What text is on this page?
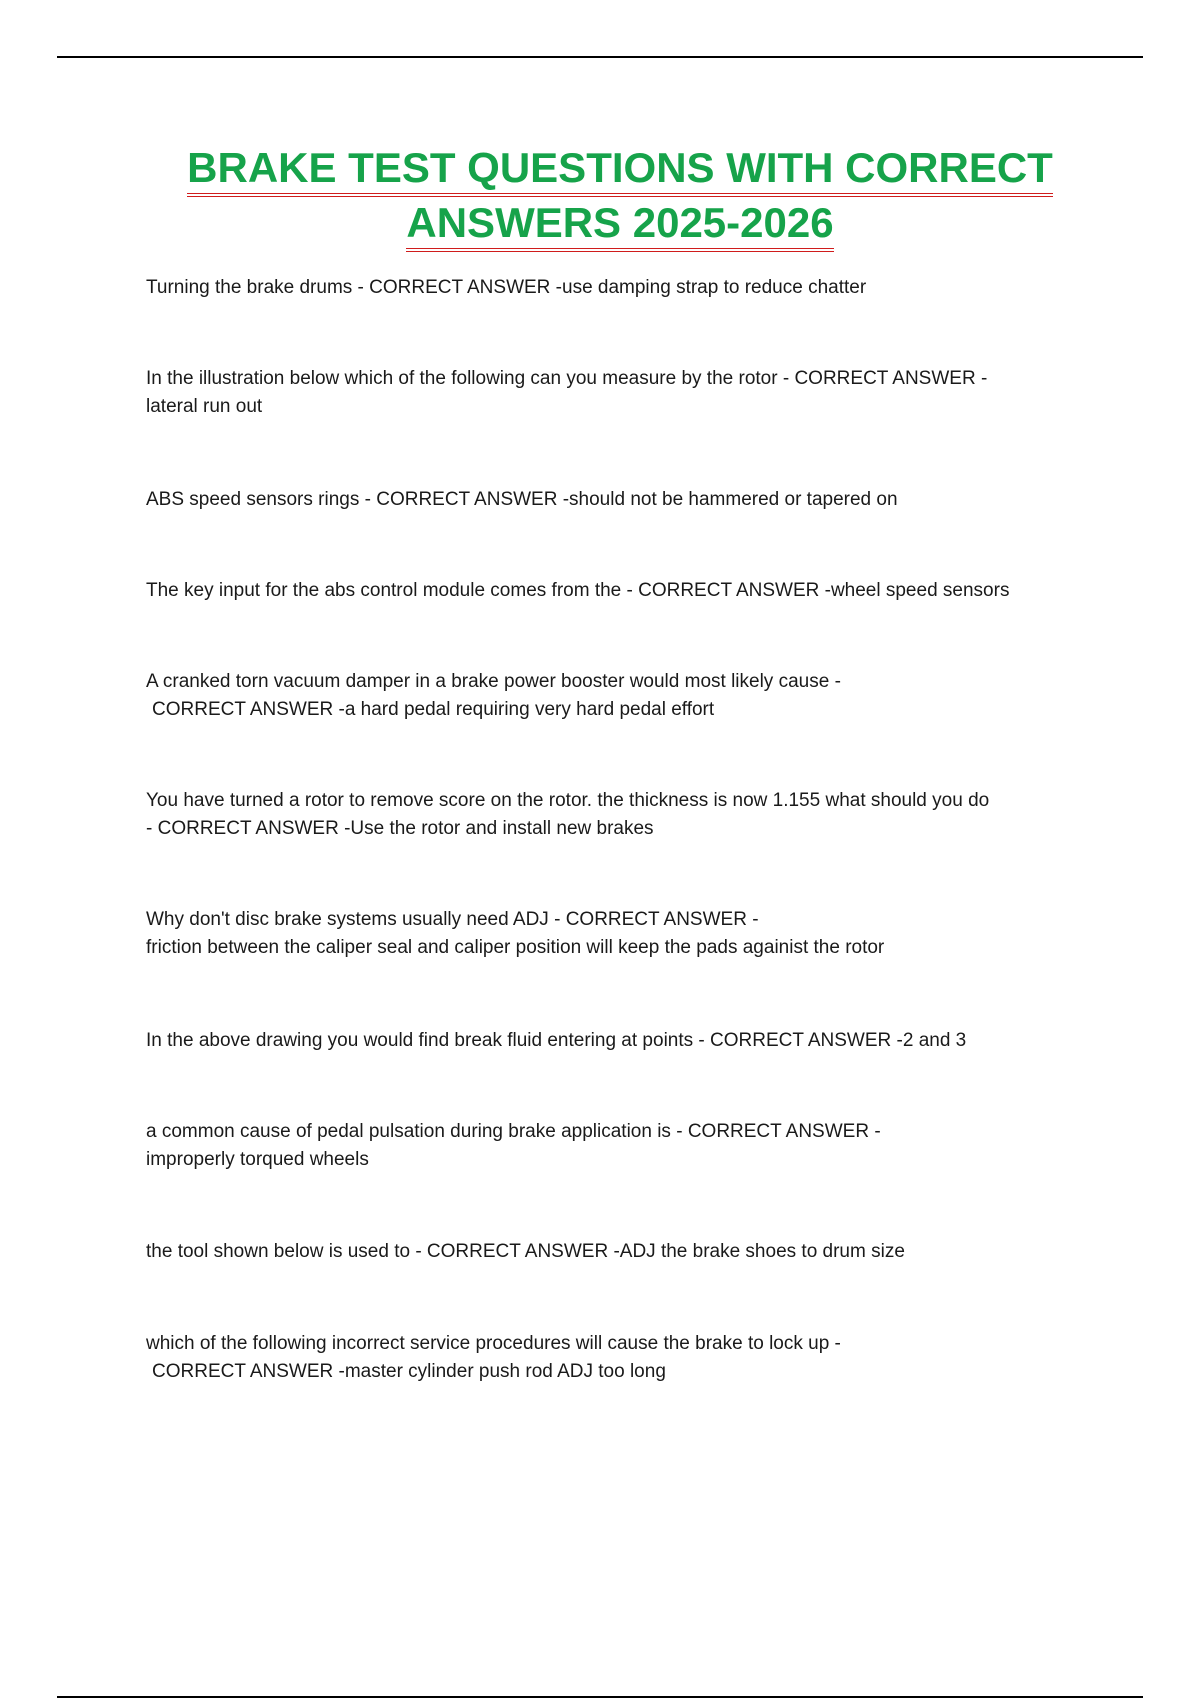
BRAKE TEST QUESTIONS WITH CORRECT
ANSWERS 2025-2026
Turning the brake drums - CORRECT ANSWER -use damping strap to reduce chatter
In the illustration below which of the following can you measure by the rotor - CORRECT ANSWER -
lateral run out
ABS speed sensors rings - CORRECT ANSWER -should not be hammered or tapered on
The key input for the abs control module comes from the - CORRECT ANSWER -wheel speed sensors
A cranked torn vacuum damper in a brake power booster would most likely cause -
CORRECT ANSWER -a hard pedal requiring very hard pedal effort
You have turned a rotor to remove score on the rotor. the thickness is now 1.155 what should you do
- CORRECT ANSWER -Use the rotor and install new brakes
Why don't disc brake systems usually need ADJ - CORRECT ANSWER -
friction between the caliper seal and caliper position will keep the pads againist the rotor
In the above drawing you would find break fluid entering at points - CORRECT ANSWER -2 and 3
a common cause of pedal pulsation during brake application is - CORRECT ANSWER -
improperly torqued wheels
the tool shown below is used to - CORRECT ANSWER -ADJ the brake shoes to drum size
which of the following incorrect service procedures will cause the brake to lock up -
CORRECT ANSWER -master cylinder push rod ADJ too long
